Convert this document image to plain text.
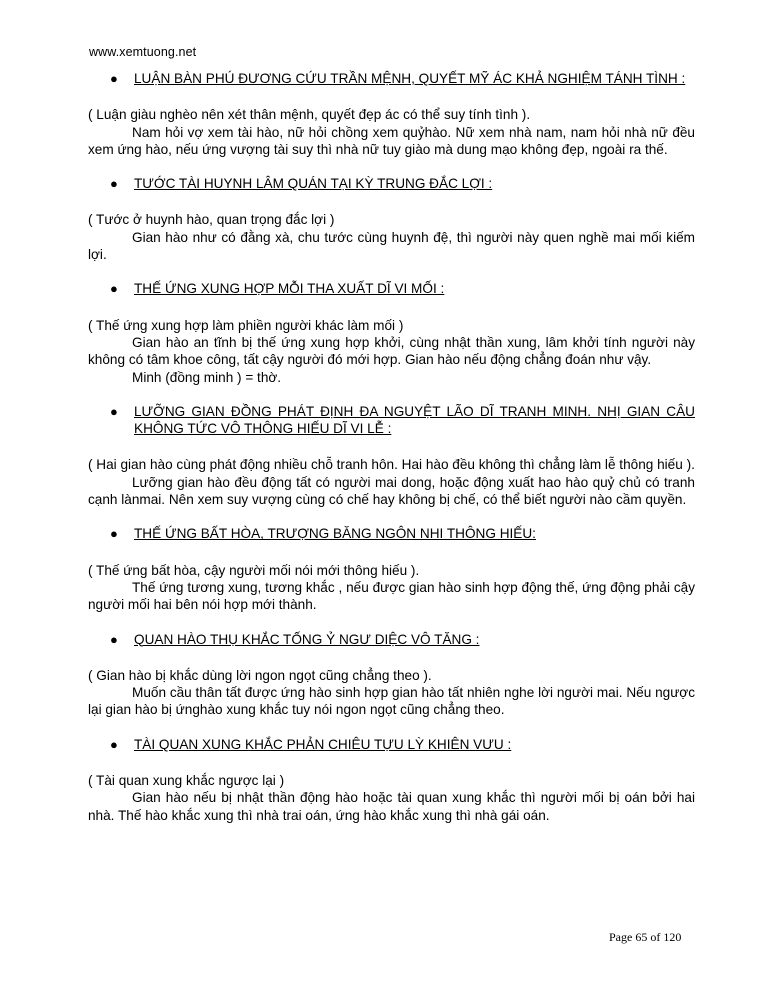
www.xemtuong.net
● LUẬN BÀN PHÚ ĐƯƠNG CỨU TRẦN MỆNH, QUYẾT MỸ ÁC KHẢ NGHIỆM TÁNH TÌNH :

( Luận giàu nghèo nên xét thân mệnh, quyết đẹp ác có thể suy tính tình ).

Nam hỏi vợ xem tài hào, nữ hỏi chồng xem quỷhào. Nữ xem nhà nam, nam hỏi nhà nữ đều xem ứng hào, nếu ứng vượng tài suy thì nhà nữ tuy giào mà dung mạo không đẹp, ngoài ra thế.

● TƯỚC TÀI HUYNH LÂM QUÁN TẠI KỲ TRUNG ĐẮC LỢI :

( Tước ở huynh hào, quan trọng đắc lợi )

Gian hào như có đằng xà, chu tước cùng huynh đệ, thì người này quen nghề mai mối kiếm lợi.

● THẾ ỨNG XUNG HỢP MỖI THA XUẤT DĨ VI MỐI :

( Thế ứng xung hợp làm phiền người khác làm mối )

Gian hào an tĩnh bị thế ứng xung hợp khởi, cùng nhật thần xung, lâm khởi tính người này không có tâm khoe công, tất cậy người đó mới hợp. Gian hào nếu động chẳng đoán như vậy.

Minh (đồng minh ) = thờ.

● LƯỠNG GIAN ĐỒNG PHÁT ĐỊNH ĐA NGUYỆT LÃO DĨ TRANH MINH. NHỊ GIAN CÂU KHÔNG TỨC VÔ THÔNG HIẾU DĨ VI LỄ :

( Hai gian hào cùng phát động nhiều chỗ tranh hôn. Hai hào đều không thì chẳng làm lễ thông hiếu ).

Lưỡng gian hào đều động tất có người mai dong, hoặc động xuất hao hào quỷ chủ có tranh cạnh lànmai. Nên xem suy vượng cùng có chế hay không bị chế, có thể biết người nào cầm quyền.

● THẾ ỨNG BẤT HÒA, TRƯỢNG BĂNG NGÔN NHI THÔNG HIẾU:

( Thế ứng bất hòa, cậy người mối nói mới thông hiếu ).

Thế ứng tương xung, tương khắc , nếu được gian hào sinh hợp động thế, ứng động phải cậy người mối hai bên nói hợp mới thành.

● QUAN HÀO THỤ KHẮC TỐNG Ỷ NGƯ DIỆC VÔ TĂNG :

( Gian hào bị khắc dùng lời ngon ngọt cũng chẳng theo ).

Muốn cầu thân tất được ứng hào sinh hợp gian hào tất nhiên nghe lời người mai. Nếu ngược lại gian hào bị ứnghào xung khắc tuy nói ngon ngọt cũng chẳng theo.

● TÀI QUAN XUNG KHẮC PHẢN CHIÊU TỰU LỲ KHIÊN VƯU :

( Tài quan xung khắc ngược lại )

Gian hào nếu bị nhật thần động hào hoặc tài quan xung khắc thì người mối bị oán bởi hai nhà. Thế hào khắc xung thì nhà trai oán, ứng hào khắc xung thì nhà gái oán.

Page 65 of 120
